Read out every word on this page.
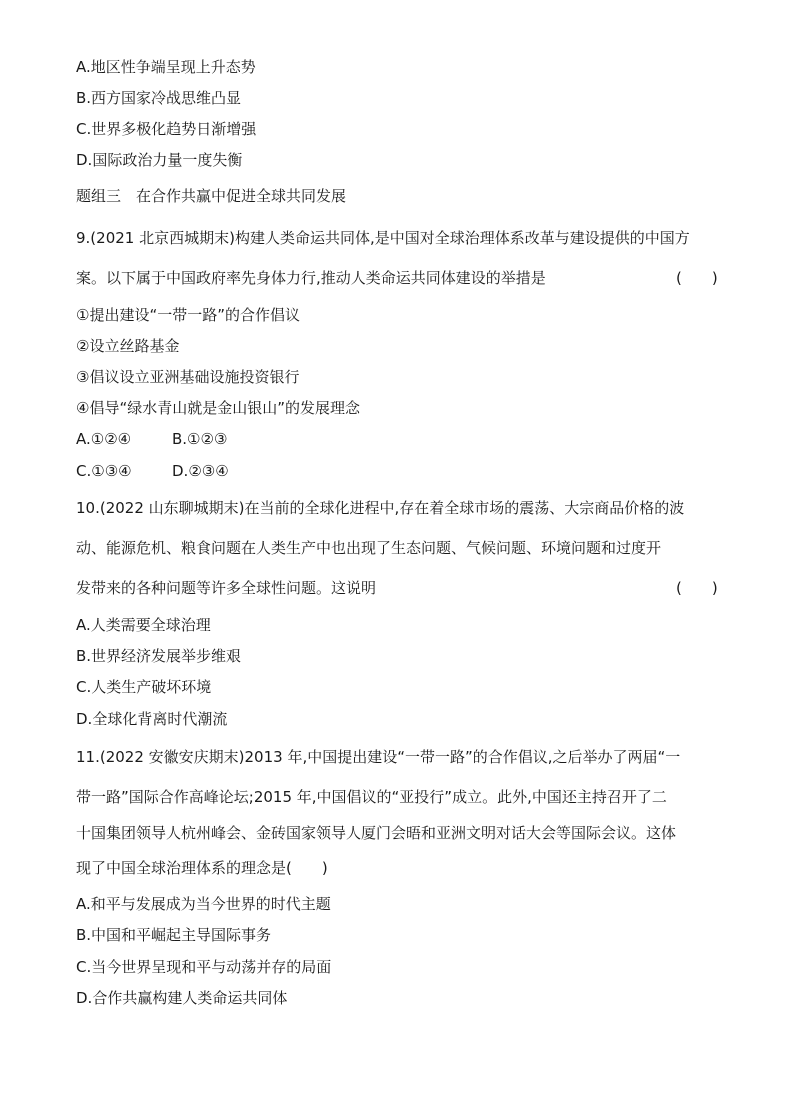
A.地区性争端呈现上升态势
B.西方国家冷战思维凸显
C.世界多极化趋势日渐增强
D.国际政治力量一度失衡
题组三　在合作共赢中促进全球共同发展
9.(2021 北京西城期末)构建人类命运共同体,是中国对全球治理体系改革与建设提供的中国方
案。以下属于中国政府率先身体力行,推动人类命运共同体建设的举措是	(　　)
①提出建设“一带一路”的合作倡议
②设立丝路基金
③倡议设立亚洲基础设施投资银行
④倡导“绿水青山就是金山银山”的发展理念
A.①②④	B.①②③
C.①③④	D.②③④
10.(2022 山东聊城期末)在当前的全球化进程中,存在着全球市场的震荡、大宗商品价格的波
动、能源危机、粮食问题在人类生产中也出现了生态问题、气候问题、环境问题和过度开
发带来的各种问题等许多全球性问题。这说明	(　　)
A.人类需要全球治理
B.世界经济发展举步维艰
C.人类生产破坏环境
D.全球化背离时代潮流
11.(2022 安徽安庆期末)2013 年,中国提出建设“一带一路”的合作倡议,之后举办了两届“一
带一路”国际合作高峰论坛;2015 年,中国倡议的“亚投行”成立。此外,中国还主持召开了二
十国集团领导人杭州峰会、金砖国家领导人厦门会晤和亚洲文明对话大会等国际会议。这体
现了中国全球治理体系的理念是(　　)
A.和平与发展成为当今世界的时代主题
B.中国和平崛起主导国际事务
C.当今世界呈现和平与动荡并存的局面
D.合作共赢构建人类命运共同体
